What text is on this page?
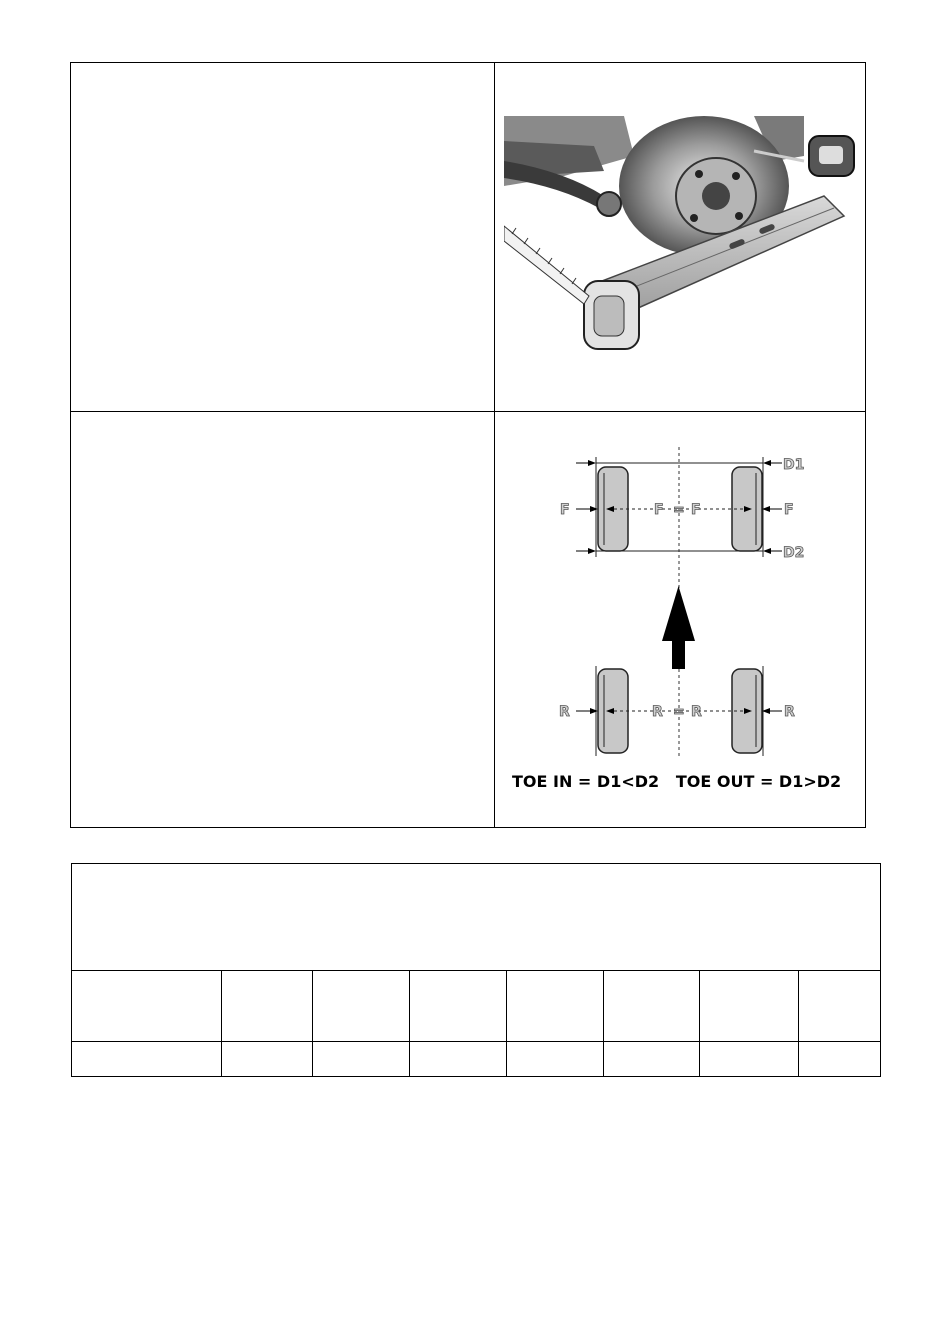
D1
D2
F	F
F = F
R	R
R = R
TOE IN = D1<D2   TOE OUT = D1>D2
